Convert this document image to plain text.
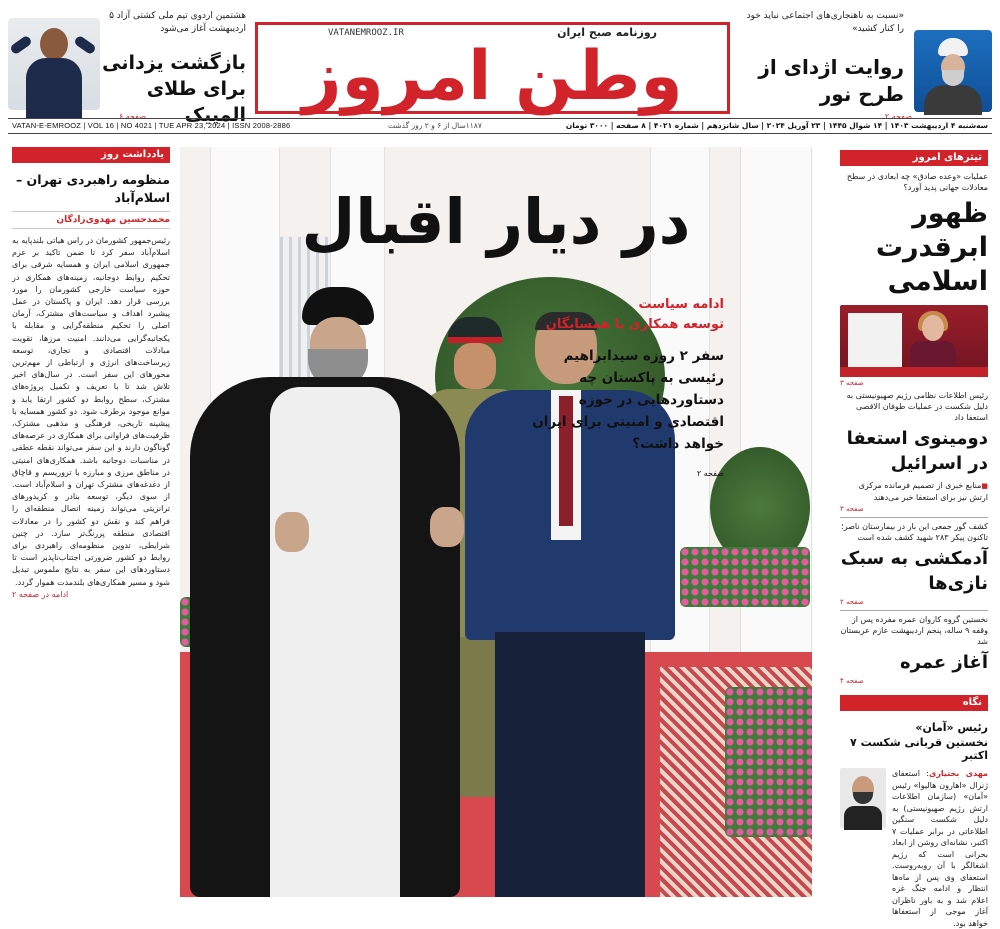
هشتمین اردوی تیم ملی کشتی آزاد ۵ اردیبهشت آغاز می‌شود
بازگشت یزدانی برای طلای المپیک
صفحه ۶
VATANEMROOZ.IR	روزنامه صبح ایران
وطن امروز
«نسبت به ناهنجاری‌های اجتماعی نباید خود را کنار کشید»
روایت اژدای از طرح نور
صفحه ۲
VATAN-E-EMROOZ | VOL 16 | NO 4021 | TUE APR 23, 2024 | ISSN 2008-2886	۱۱۸۷سال از ۶ و ۲ روز گذشت	سه‌شنبه ۴ اردیبهشت ۱۴۰۳ | ۱۴ شوال ۱۴۴۵ | ۲۳ آوریل ۲۰۲۴ | سال شانزدهم | شماره ۴۰۲۱ | ۸ صفحه | ۳۰۰۰ تومان
یادداشت روز
منظومه راهبردی تهران – اسلام‌آباد
محمدحسین مهدوی‌زادگان
رئیس‌جمهور کشورمان در راس هیاتی بلندپایه به اسلام‌آباد سفر کرد تا ضمن تاکید بر عزم جمهوری اسلامی ایران و همسایه شرقی برای تحکیم روابط دوجانبه، زمینه‌های همکاری در حوزه سیاست خارجی کشورمان را مورد بررسی قرار دهد. ایران و پاکستان در عمل پیشبرد اهداف و سیاست‌های مشترک، آرمان اصلی را تحکیم منطقه‌گرایی و مقابله با یکجانبه‌گرایی می‌دانند. امنیت مرزها، تقویت مبادلات اقتصادی و تجاری، توسعه زیرساخت‌های انرژی و ارتباطی از مهم‌ترین محورهای این سفر است. در سال‌های اخیر تلاش شد تا با تعریف و تکمیل پروژه‌های مشترک، سطح روابط دو کشور ارتقا یابد و موانع موجود برطرف شود. دو کشور همسایه با پیشینه تاریخی، فرهنگی و مذهبی مشترک، ظرفیت‌های فراوانی برای همکاری در عرصه‌های گوناگون دارند و این سفر می‌تواند نقطه عطفی در مناسبات دوجانبه باشد. همکاری‌های امنیتی در مناطق مرزی و مبارزه با تروریسم و قاچاق از دغدغه‌های مشترک تهران و اسلام‌آباد است. از سوی دیگر، توسعه بنادر و کریدورهای ترانزیتی می‌تواند زمینه اتصال منطقه‌ای را فراهم کند و نقش دو کشور را در معادلات اقتصادی منطقه پررنگ‌تر سازد. در چنین شرایطی، تدوین منظومه‌ای راهبردی برای روابط دو کشور ضرورتی اجتناب‌ناپذیر است تا دستاوردهای این سفر به نتایج ملموس تبدیل شود و مسیر همکاری‌های بلندمدت هموار گردد.
ادامه در صفحه ۲
در دیار اقبال
ادامه سیاست
توسعه همکاری با همسایگان
سفر ۲ روزه سیدابراهیم رئیسی به پاکستان چه دستاوردهایی در حوزه اقتصادی و امنیتی برای ایران خواهد داشت؟
صفحه ۲
تیترهای امروز
عملیات «وعده صادق» چه ابعادی در سطح معادلات جهانی پدید آورد؟
ظهور ابرقدرت اسلامی
صفحه ۳
رئیس اطلاعات نظامی رژیم صهیونیستی به دلیل شکست در عملیات طوفان الاقصی استعفا داد
دومینوی استعفا در اسرائیل
■ منابع خبری از تصمیم فرمانده مرکزی ارتش نیز برای استعفا خبر می‌دهند
صفحه ۳
کشف گور جمعی این بار در بیمارستان ناصر؛ تاکنون پیکر ۲۸۳ شهید کشف شده است
آدمکشی به سبک نازی‌ها
صفحه ۲
نخستین گروه کاروان عمره مفرده پس از وقفه ۹ ساله، پنجم اردیبهشت عازم عربستان شد
آغاز عمره
صفحه ۴
نگاه
رئیس «آمان»
نخستین قربانی شکست ۷ اکتبر
مهدی بختیاری: استعفای ژنرال «اهارون هالیوا» رئیس «آمان» (سازمان اطلاعات ارتش رژیم صهیونیستی) به دلیل شکست سنگین اطلاعاتی در برابر عملیات ۷ اکتبر، نشانه‌ای روشن از ابعاد بحرانی است که رژیم اشغالگر با آن روبه‌روست. استعفای وی پس از ماه‌ها انتظار و ادامه جنگ غزه اعلام شد و به باور ناظران آغاز موجی از استعفاها خواهد بود.
